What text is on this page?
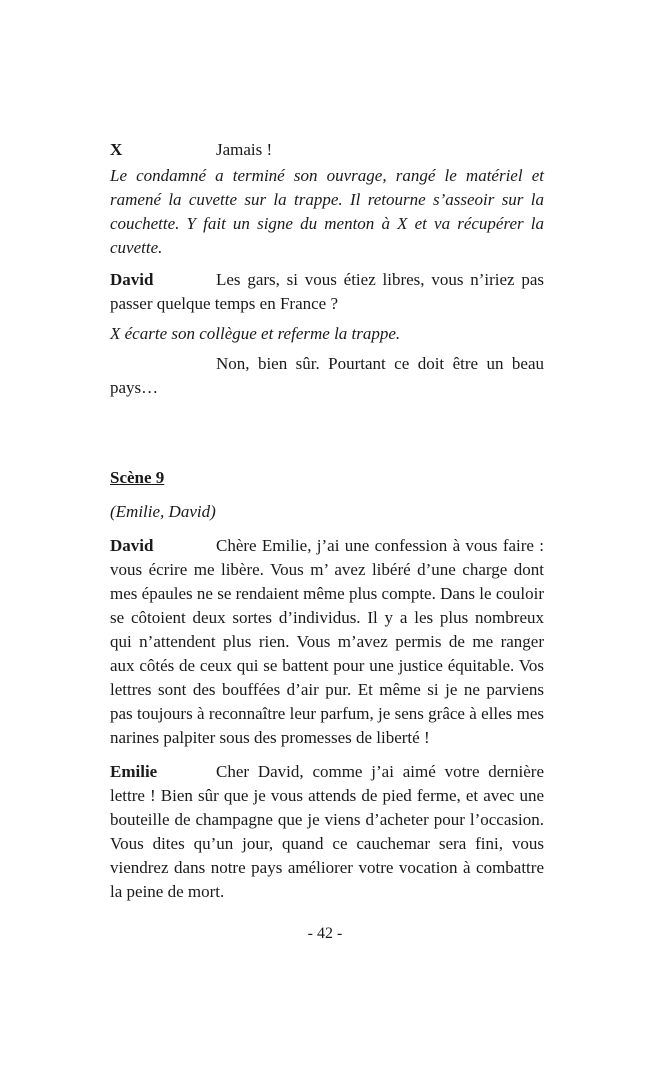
X	Jamais !

Le condamné a terminé son ouvrage, rangé le matériel et ramené la cuvette sur la trappe. Il retourne s’asseoir sur la couchette. Y fait un signe du menton à X et va récupérer la cuvette.

David	Les gars, si vous étiez libres, vous n’iriez pas passer quelque temps en France ?

X écarte son collègue et referme la trappe.

Non, bien sûr. Pourtant ce doit être un beau pays…

Scène 9

(Emilie, David)

David	Chère Emilie, j’ai une confession à vous faire : vous écrire me libère. Vous m’ avez libéré d’une charge dont mes épaules ne se rendaient même plus compte. Dans le couloir se côtoient deux sortes d’individus. Il y a les plus nombreux qui n’attendent plus rien. Vous m’avez permis de me ranger aux côtés de ceux qui se battent pour une justice équitable. Vos lettres sont des bouffées d’air pur. Et même si je ne parviens pas toujours à reconnaître leur parfum, je sens grâce à elles mes narines palpiter sous des promesses de liberté !

Emilie	Cher David, comme j’ai aimé votre dernière lettre ! Bien sûr que je vous attends de pied ferme, et avec une bouteille de champagne que je viens d’acheter pour l’occasion. Vous dites qu’un jour, quand ce cauchemar sera fini, vous viendrez dans notre pays améliorer votre vocation à combattre la peine de mort.

- 42 -
